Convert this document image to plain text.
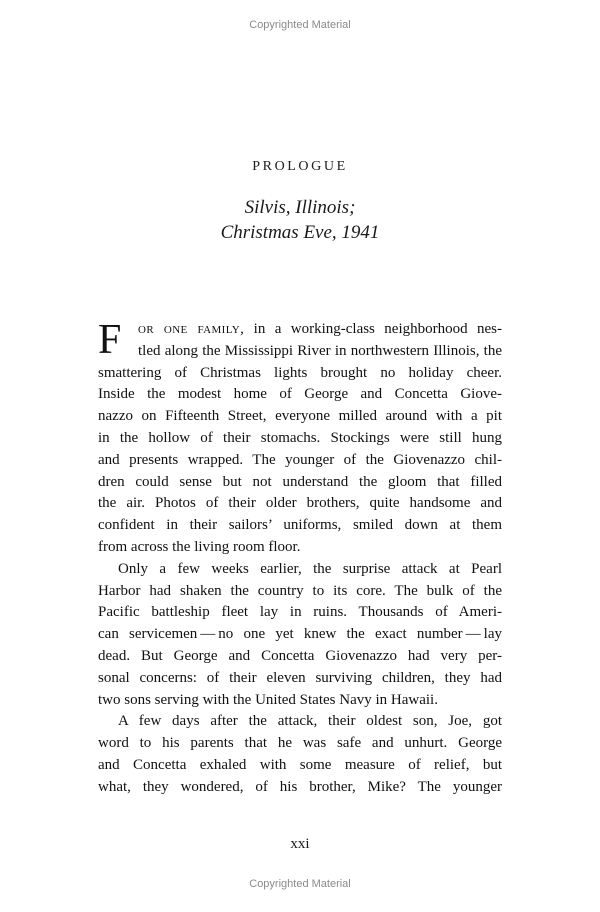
Copyrighted Material
PROLOGUE
Silvis, Illinois;
Christmas Eve, 1941
F or one family, in a working-class neighborhood nes-
tled along the Mississippi River in northwestern Illinois, the
smattering of Christmas lights brought no holiday cheer.
Inside the modest home of George and Concetta Giove-
nazzo on Fifteenth Street, everyone milled around with a pit
in the hollow of their stomachs. Stockings were still hung
and presents wrapped. The younger of the Giovenazzo chil-
dren could sense but not understand the gloom that filled
the air. Photos of their older brothers, quite handsome and
confident in their sailors’ uniforms, smiled down at them
from across the living room floor.
Only a few weeks earlier, the surprise attack at Pearl
Harbor had shaken the country to its core. The bulk of the
Pacific battleship fleet lay in ruins. Thousands of Ameri-
can servicemen — no one yet knew the exact number — lay
dead. But George and Concetta Giovenazzo had very per-
sonal concerns: of their eleven surviving children, they had
two sons serving with the United States Navy in Hawaii.
A few days after the attack, their oldest son, Joe, got
word to his parents that he was safe and unhurt. George
and Concetta exhaled with some measure of relief, but
what, they wondered, of his brother, Mike? The younger
xxi
Copyrighted Material
